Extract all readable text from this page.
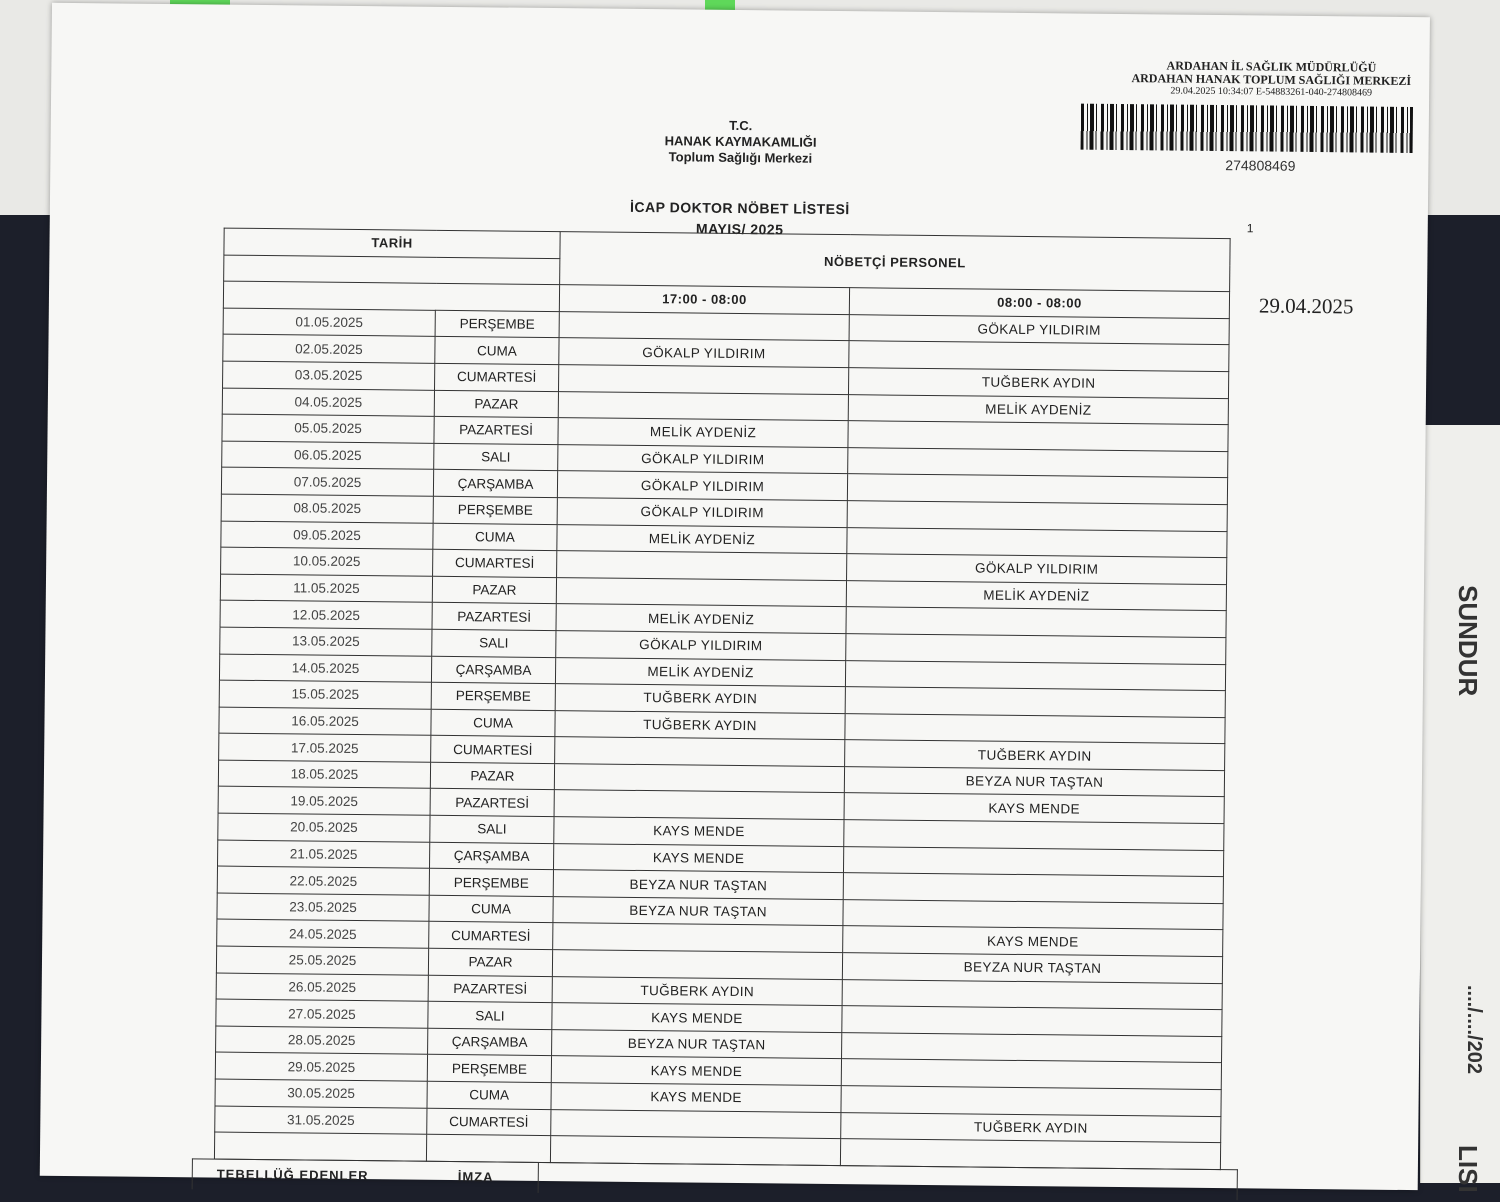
SUNDUR
..../..../202
LISI
ARDAHAN İL SAĞLIK MÜDÜRLÜĞÜ
ARDAHAN HANAK TOPLUM SAĞLIĞI MERKEZİ
29.04.2025 10:34:07 E-54883261-040-274808469
274808469
T.C.
HANAK KAYMAKAMLIĞI
Toplum Sağlığı Merkezi
İCAP DOKTOR NÖBET LİSTESİ
MAYIS/ 2025	1
29.04.2025
TARİH		NÖBETÇİ PERSONEL	

		17:00 - 08:00	08:00 - 08:00
01.05.2025	PERŞEMBE		GÖKALP YILDIRIM
02.05.2025	CUMA	GÖKALP YILDIRIM	
03.05.2025	CUMARTESİ		TUĞBERK AYDIN
04.05.2025	PAZAR		MELİK AYDENİZ
05.05.2025	PAZARTESİ	MELİK AYDENİZ	
06.05.2025	SALI	GÖKALP YILDIRIM	
07.05.2025	ÇARŞAMBA	GÖKALP YILDIRIM	
08.05.2025	PERŞEMBE	GÖKALP YILDIRIM	
09.05.2025	CUMA	MELİK AYDENİZ	
10.05.2025	CUMARTESİ		GÖKALP YILDIRIM
11.05.2025	PAZAR		MELİK AYDENİZ
12.05.2025	PAZARTESİ	MELİK AYDENİZ	
13.05.2025	SALI	GÖKALP YILDIRIM	
14.05.2025	ÇARŞAMBA	MELİK AYDENİZ	
15.05.2025	PERŞEMBE	TUĞBERK AYDIN	
16.05.2025	CUMA	TUĞBERK AYDIN	
17.05.2025	CUMARTESİ		TUĞBERK AYDIN
18.05.2025	PAZAR		BEYZA NUR TAŞTAN
19.05.2025	PAZARTESİ		KAYS MENDE
20.05.2025	SALI	KAYS MENDE	
21.05.2025	ÇARŞAMBA	KAYS MENDE	
22.05.2025	PERŞEMBE	BEYZA NUR TAŞTAN	
23.05.2025	CUMA	BEYZA NUR TAŞTAN	
24.05.2025	CUMARTESİ		KAYS MENDE
25.05.2025	PAZAR		BEYZA NUR TAŞTAN
26.05.2025	PAZARTESİ	TUĞBERK AYDIN	
27.05.2025	SALI	KAYS MENDE	
28.05.2025	ÇARŞAMBA	BEYZA NUR TAŞTAN	
29.05.2025	PERŞEMBE	KAYS MENDE	
30.05.2025	CUMA	KAYS MENDE	
31.05.2025	CUMARTESİ		TUĞBERK AYDIN

TEBELLÜĞ EDENLER	İMZA
